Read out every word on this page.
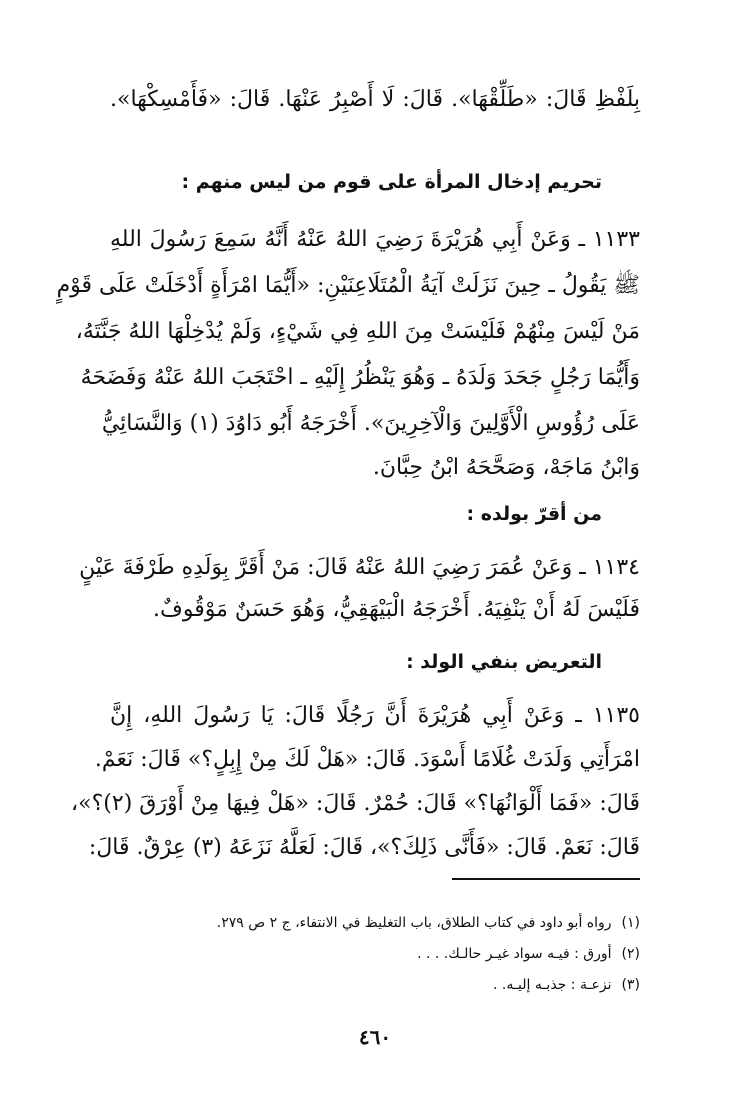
بِلَفْظِ قَالَ: «طَلِّقْهَا». قَالَ: لَا أَصْبِرُ عَنْهَا. قَالَ: «فَأَمْسِكْهَا».
تحريم إدخال المرأة على قوم من ليس منهم :
١١٣٣ ـ وَعَنْ أَبِي هُرَيْرَةَ رَضِيَ اللهُ عَنْهُ أَنَّهُ سَمِعَ رَسُولَ اللهِ
ﷺ يَقُولُ ـ حِينَ نَزَلَتْ آيَةُ الْمُتَلَاعِنَيْنِ: «أَيُّمَا امْرَأَةٍ أَدْخَلَتْ عَلَى قَوْمٍ
مَنْ لَيْسَ مِنْهُمْ فَلَيْسَتْ مِنَ اللهِ فِي شَيْءٍ، وَلَمْ يُدْخِلْهَا اللهُ جَنَّتَهُ،
وَأَيُّمَا رَجُلٍ جَحَدَ وَلَدَهُ ـ وَهُوَ يَنْظُرُ إِلَيْهِ ـ احْتَجَبَ اللهُ عَنْهُ وَفَضَحَهُ
عَلَى رُؤُوسِ الْأَوَّلِينَ وَالْآخِرِينَ». أَخْرَجَهُ أَبُو دَاوُدَ (١) وَالنَّسَائِيُّ
وَابْنُ مَاجَهْ، وَصَحَّحَهُ ابْنُ حِبَّانَ.
من أقرّ بولده :
١١٣٤ ـ وَعَنْ عُمَرَ رَضِيَ اللهُ عَنْهُ قَالَ: مَنْ أَقَرَّ بِوَلَدِهِ طَرْفَةَ عَيْنٍ
فَلَيْسَ لَهُ أَنْ يَنْفِيَهُ. أَخْرَجَهُ الْبَيْهَقِيُّ، وَهُوَ حَسَنٌ مَوْقُوفٌ.
التعريض بنفي الولد :
١١٣٥ ـ وَعَنْ أَبِي هُرَيْرَةَ أَنَّ رَجُلًا قَالَ: يَا رَسُولَ اللهِ، إِنَّ
امْرَأَتِي وَلَدَتْ غُلَامًا أَسْوَدَ. قَالَ: «هَلْ لَكَ مِنْ إِبِلٍ؟» قَالَ: نَعَمْ.
قَالَ: «فَمَا أَلْوَانُهَا؟» قَالَ: حُمْرٌ. قَالَ: «هَلْ فِيهَا مِنْ أَوْرَقَ (٢)؟»،
قَالَ: نَعَمْ. قَالَ: «فَأَنَّى ذَلِكَ؟»، قَالَ: لَعَلَّهُ نَزَعَهُ (٣) عِرْقٌ. قَالَ:
(١)رواه أبو داود في كتاب الطلاق، باب التغليظ في الانتفاء، ج ٢ ص ٢٧٩.
(٢)أورق : فيـه سواد غيـر حالـك. . . .
(٣)نزعـة : جذبـه إليـه. .
٤٦٠
